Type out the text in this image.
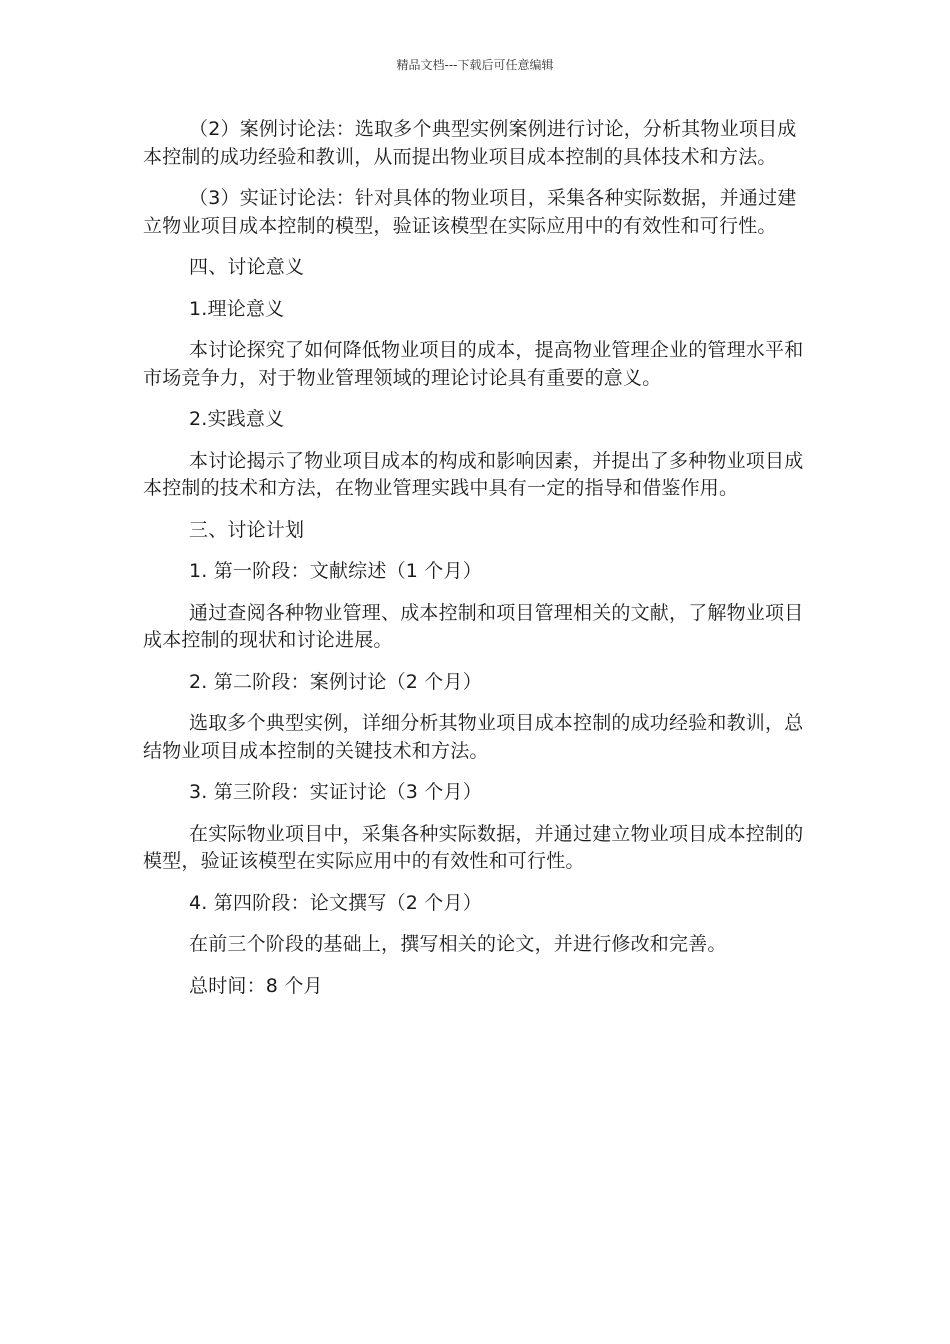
精品文档---下载后可任意编辑

（2）案例讨论法：选取多个典型实例案例进行讨论，分析其物业项目成本控制的成功经验和教训，从而提出物业项目成本控制的具体技术和方法。

（3）实证讨论法：针对具体的物业项目，采集各种实际数据，并通过建立物业项目成本控制的模型，验证该模型在实际应用中的有效性和可行性。

四、讨论意义

1.理论意义

本讨论探究了如何降低物业项目的成本，提高物业管理企业的管理水平和市场竞争力，对于物业管理领域的理论讨论具有重要的意义。

2.实践意义

本讨论揭示了物业项目成本的构成和影响因素，并提出了多种物业项目成本控制的技术和方法，在物业管理实践中具有一定的指导和借鉴作用。

三、讨论计划

1. 第一阶段：文献综述（1 个月）

通过查阅各种物业管理、成本控制和项目管理相关的文献，了解物业项目成本控制的现状和讨论进展。

2. 第二阶段：案例讨论（2 个月）

选取多个典型实例，详细分析其物业项目成本控制的成功经验和教训，总结物业项目成本控制的关键技术和方法。

3. 第三阶段：实证讨论（3 个月）

在实际物业项目中，采集各种实际数据，并通过建立物业项目成本控制的模型，验证该模型在实际应用中的有效性和可行性。

4. 第四阶段：论文撰写（2 个月）

在前三个阶段的基础上，撰写相关的论文，并进行修改和完善。

总时间：8 个月
